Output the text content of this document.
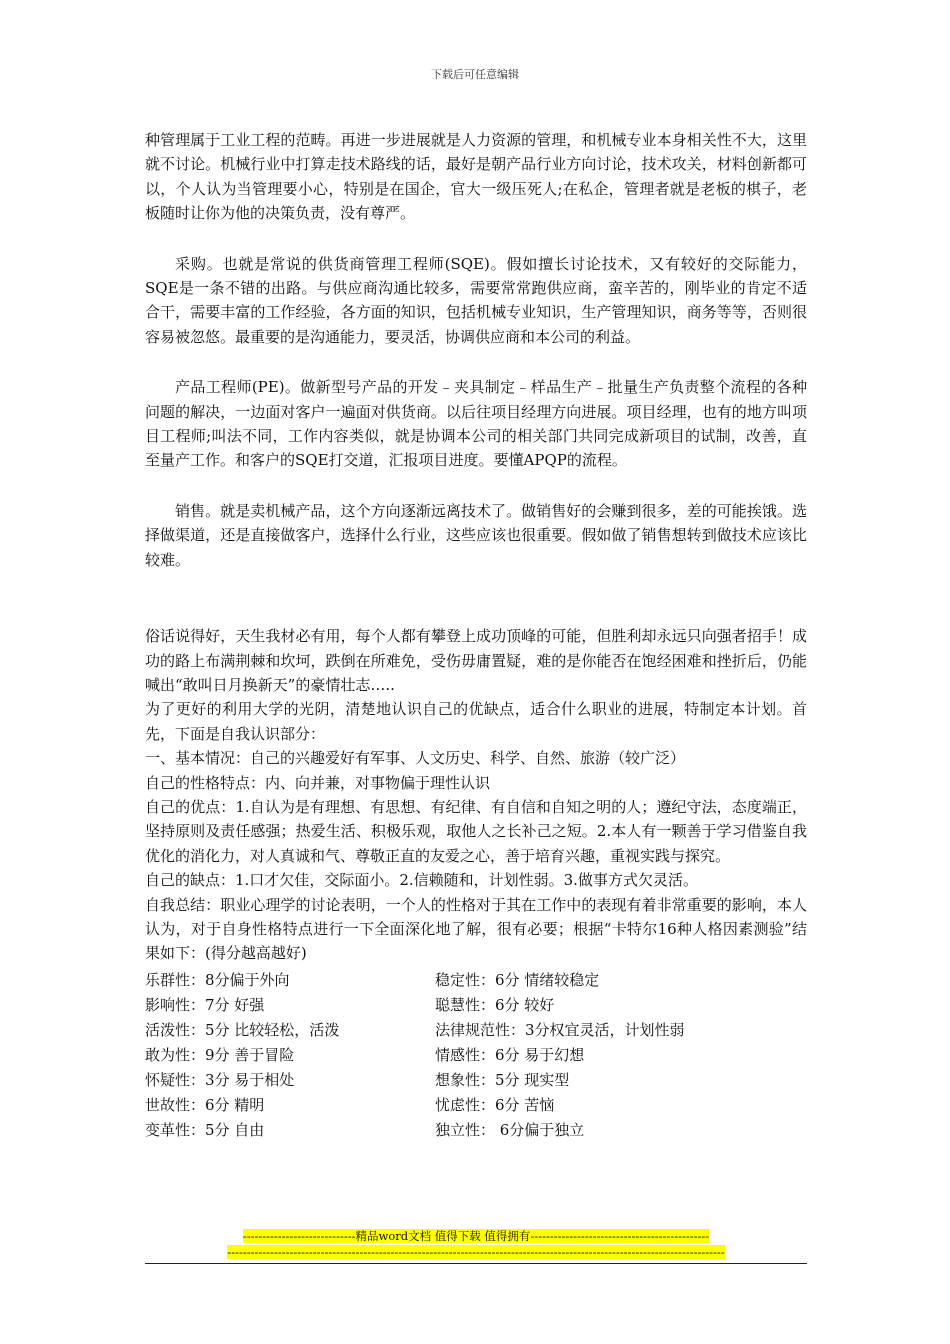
下载后可任意编辑

种管理属于工业工程的范畴。再进一步进展就是人力资源的管理，和机械专业本身相关性不大，这里就不讨论。机械行业中打算走技术路线的话，最好是朝产品行业方向讨论，技术攻关，材料创新都可以，个人认为当管理要小心，特别是在国企，官大一级压死人;在私企，管理者就是老板的棋子，老板随时让你为他的决策负责，没有尊严。

采购。也就是常说的供货商管理工程师(SQE)。假如擅长讨论技术，又有较好的交际能力，SQE是一条不错的出路。与供应商沟通比较多，需要常常跑供应商，蛮辛苦的，刚毕业的肯定不适合干，需要丰富的工作经验，各方面的知识，包括机械专业知识，生产管理知识，商务等等，否则很容易被忽悠。最重要的是沟通能力，要灵活，协调供应商和本公司的利益。

产品工程师(PE)。做新型号产品的开发﹣夹具制定﹣样品生产﹣批量生产负责整个流程的各种问题的解决，一边面对客户一遍面对供货商。以后往项目经理方向进展。项目经理，也有的地方叫项目工程师;叫法不同，工作内容类似，就是协调本公司的相关部门共同完成新项目的试制，改善，直至量产工作。和客户的SQE打交道，汇报项目进度。要懂APQP的流程。

销售。就是卖机械产品，这个方向逐渐远离技术了。做销售好的会赚到很多，差的可能挨饿。选择做渠道，还是直接做客户，选择什么行业，这些应该也很重要。假如做了销售想转到做技术应该比较难。

俗话说得好，天生我材必有用，每个人都有攀登上成功顶峰的可能，但胜利却永远只向强者招手！成功的路上布满荆棘和坎坷，跌倒在所难免，受伤毋庸置疑，难的是你能否在饱经困难和挫折后，仍能喊出“敢叫日月换新天”的豪情壮志…..

为了更好的利用大学的光阴，清楚地认识自己的优缺点，适合什么职业的进展，特制定本计划。首先，下面是自我认识部分：

一、基本情况：自己的兴趣爱好有军事、人文历史、科学、自然、旅游（较广泛）

自己的性格特点：内、向并兼，对事物偏于理性认识

自己的优点：1.自认为是有理想、有思想、有纪律、有自信和自知之明的人；遵纪守法，态度端正，坚持原则及责任感强；热爱生活、积极乐观，取他人之长补己之短。2.本人有一颗善于学习借鉴自我优化的消化力，对人真诚和气、尊敬正直的友爱之心，善于培育兴趣，重视实践与探究。

自己的缺点：1.口才欠佳，交际面小。2.信赖随和，计划性弱。3.做事方式欠灵活。

自我总结：职业心理学的讨论表明，一个人的性格对于其在工作中的表现有着非常重要的影响，本人认为，对于自身性格特点进行一下全面深化地了解，很有必要；根据“卡特尔16种人格因素测验”结果如下：(得分越高越好)

乐群性：8分偏于外向	稳定性：6分 情绪较稳定
影响性：7分 好强	聪慧性：6分 较好
活泼性：5分 比较轻松，活泼	法律规范性：3分权宜灵活，计划性弱
敢为性：9分 善于冒险	情感性：6分 易于幻想
怀疑性：3分 易于相处	想象性：5分 现实型
世故性：6分 精明	忧虑性：6分 苦恼
变革性：5分 自由	独立性： 6分偏于独立
-----------------------------精品word文档 值得下载 值得拥有----------------------------------------------
--------------------------------------------------------------------------------------------------------------------------------
